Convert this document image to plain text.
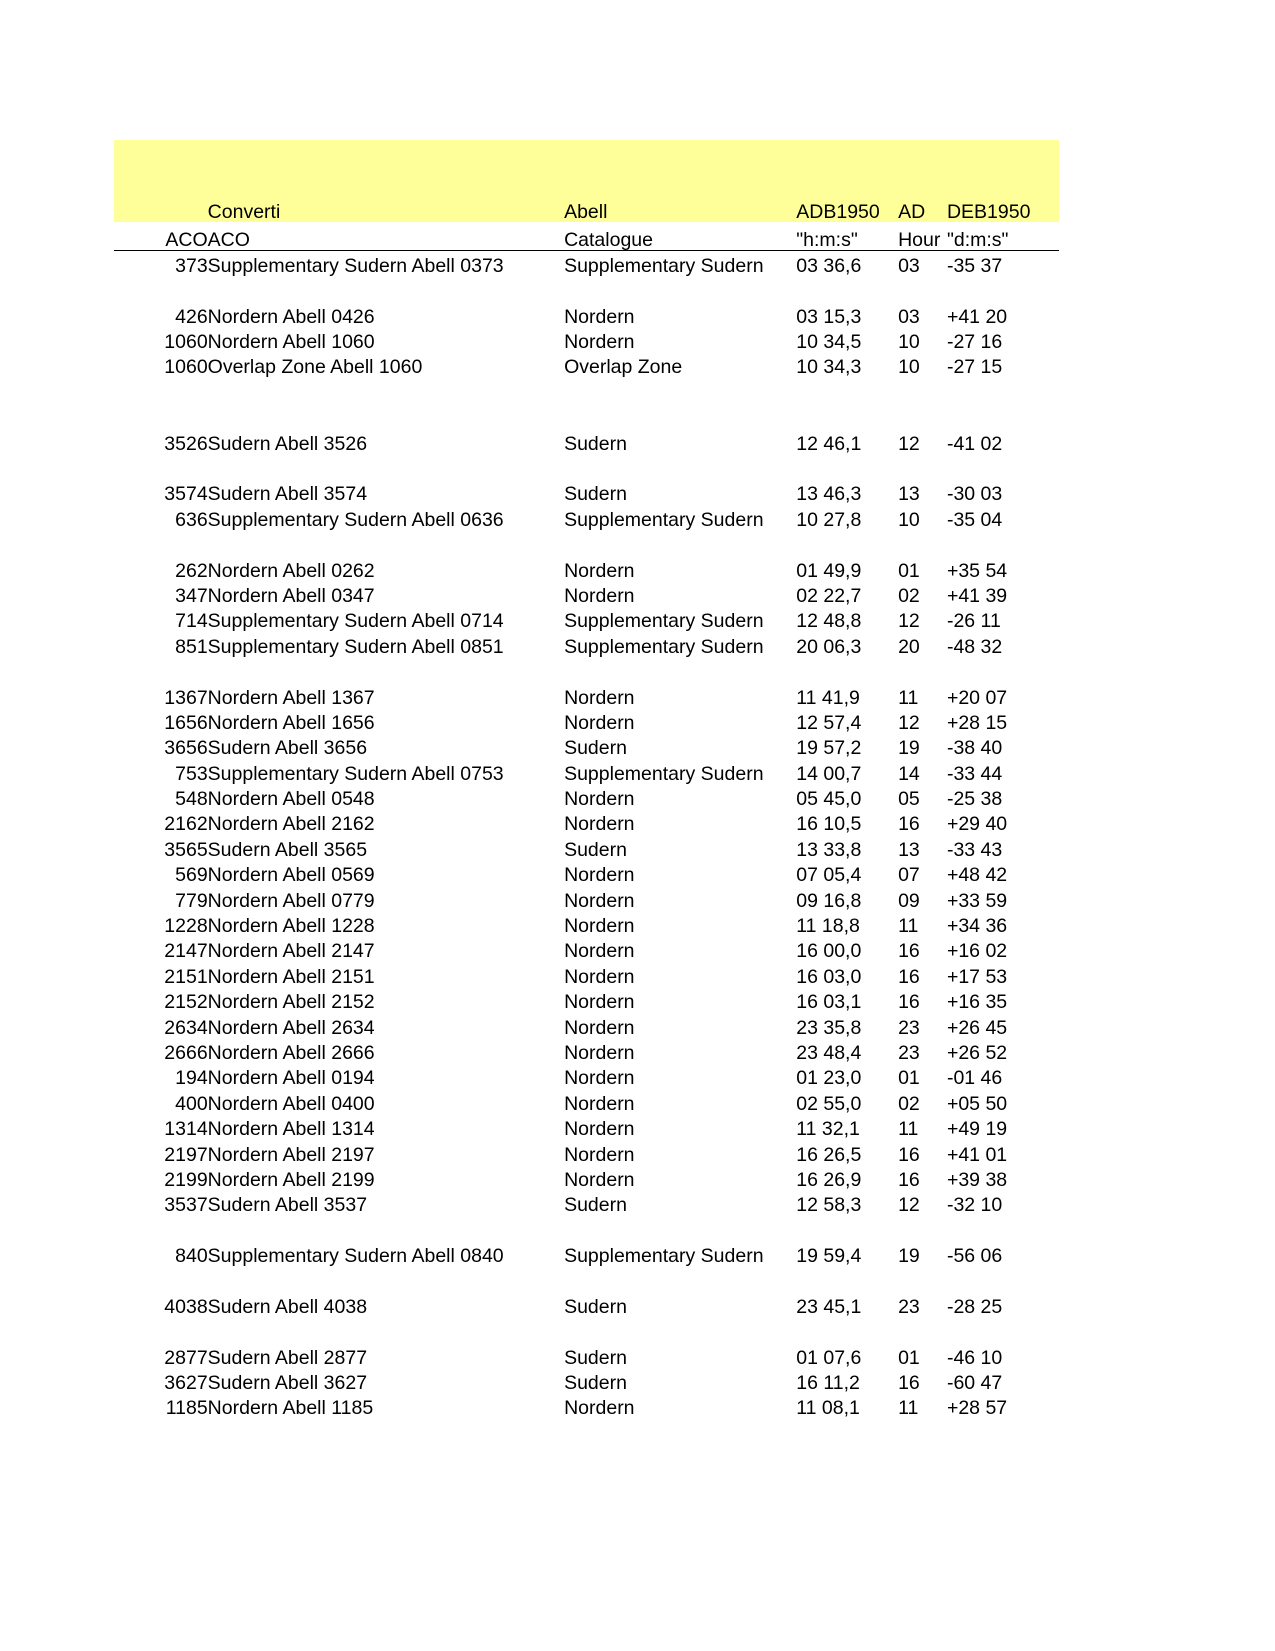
	Converti	Abell	ADB1950	AD	DEB1950
ACO	ACO	Catalogue	"h:m:s"	Hour	"d:m:s"
373	Supplementary Sudern Abell 0373	Supplementary Sudern	03 36,6	03	-35 37

426	Nordern Abell 0426	Nordern	03 15,3	03	+41 20
1060	Nordern Abell 1060	Nordern	10 34,5	10	-27 16
1060	Overlap Zone Abell 1060	Overlap Zone	10 34,3	10	-27 15

3526	Sudern Abell 3526	Sudern	12 46,1	12	-41 02

3574	Sudern Abell 3574	Sudern	13 46,3	13	-30 03
636	Supplementary Sudern Abell 0636	Supplementary Sudern	10 27,8	10	-35 04

262	Nordern Abell 0262	Nordern	01 49,9	01	+35 54
347	Nordern Abell 0347	Nordern	02 22,7	02	+41 39
714	Supplementary Sudern Abell 0714	Supplementary Sudern	12 48,8	12	-26 11
851	Supplementary Sudern Abell 0851	Supplementary Sudern	20 06,3	20	-48 32

1367	Nordern Abell 1367	Nordern	11 41,9	11	+20 07
1656	Nordern Abell 1656	Nordern	12 57,4	12	+28 15
3656	Sudern Abell 3656	Sudern	19 57,2	19	-38 40
753	Supplementary Sudern Abell 0753	Supplementary Sudern	14 00,7	14	-33 44
548	Nordern Abell 0548	Nordern	05 45,0	05	-25 38
2162	Nordern Abell 2162	Nordern	16 10,5	16	+29 40
3565	Sudern Abell 3565	Sudern	13 33,8	13	-33 43
569	Nordern Abell 0569	Nordern	07 05,4	07	+48 42
779	Nordern Abell 0779	Nordern	09 16,8	09	+33 59
1228	Nordern Abell 1228	Nordern	11 18,8	11	+34 36
2147	Nordern Abell 2147	Nordern	16 00,0	16	+16 02
2151	Nordern Abell 2151	Nordern	16 03,0	16	+17 53
2152	Nordern Abell 2152	Nordern	16 03,1	16	+16 35
2634	Nordern Abell 2634	Nordern	23 35,8	23	+26 45
2666	Nordern Abell 2666	Nordern	23 48,4	23	+26 52
194	Nordern Abell 0194	Nordern	01 23,0	01	-01 46
400	Nordern Abell 0400	Nordern	02 55,0	02	+05 50
1314	Nordern Abell 1314	Nordern	11 32,1	11	+49 19
2197	Nordern Abell 2197	Nordern	16 26,5	16	+41 01
2199	Nordern Abell 2199	Nordern	16 26,9	16	+39 38
3537	Sudern Abell 3537	Sudern	12 58,3	12	-32 10

840	Supplementary Sudern Abell 0840	Supplementary Sudern	19 59,4	19	-56 06

4038	Sudern Abell 4038	Sudern	23 45,1	23	-28 25

2877	Sudern Abell 2877	Sudern	01 07,6	01	-46 10
3627	Sudern Abell 3627	Sudern	16 11,2	16	-60 47
1185	Nordern Abell 1185	Nordern	11 08,1	11	+28 57
